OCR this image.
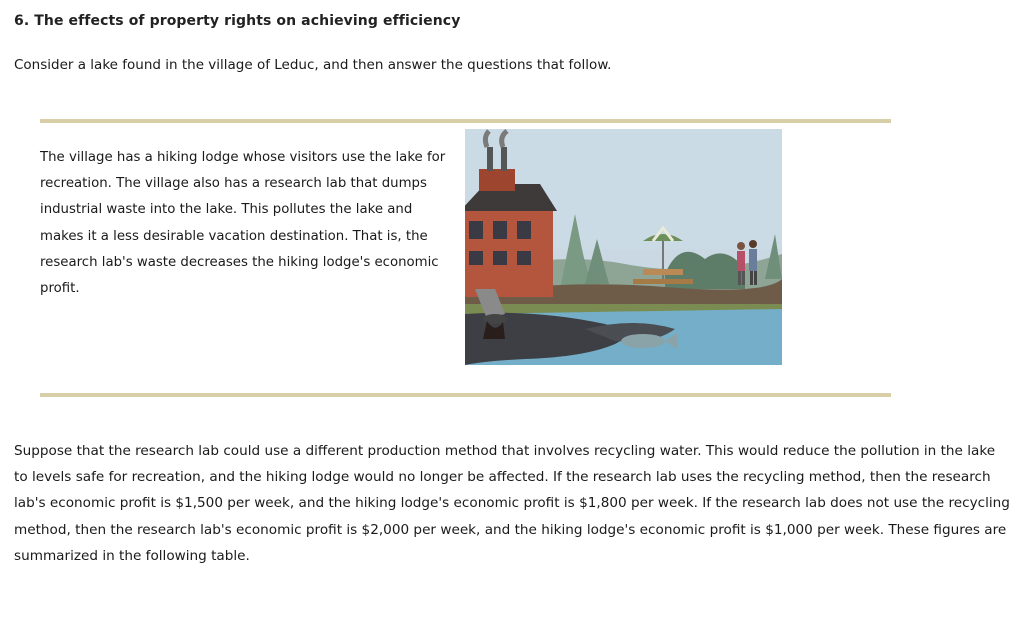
6. The effects of property rights on achieving efficiency
Consider a lake found in the village of Leduc, and then answer the questions that follow.
The village has a hiking lodge whose visitors use the lake for recreation. The village also has a research lab that dumps industrial waste into the lake. This pollutes the lake and makes it a less desirable vacation destination. That is, the research lab's waste decreases the hiking lodge's economic profit.
Suppose that the research lab could use a different production method that involves recycling water. This would reduce the pollution in the lake to levels safe for recreation, and the hiking lodge would no longer be affected. If the research lab uses the recycling method, then the research lab's economic profit is $1,500 per week, and the hiking lodge's economic profit is $1,800 per week. If the research lab does not use the recycling method, then the research lab's economic profit is $2,000 per week, and the hiking lodge's economic profit is $1,000 per week. These figures are summarized in the following table.
